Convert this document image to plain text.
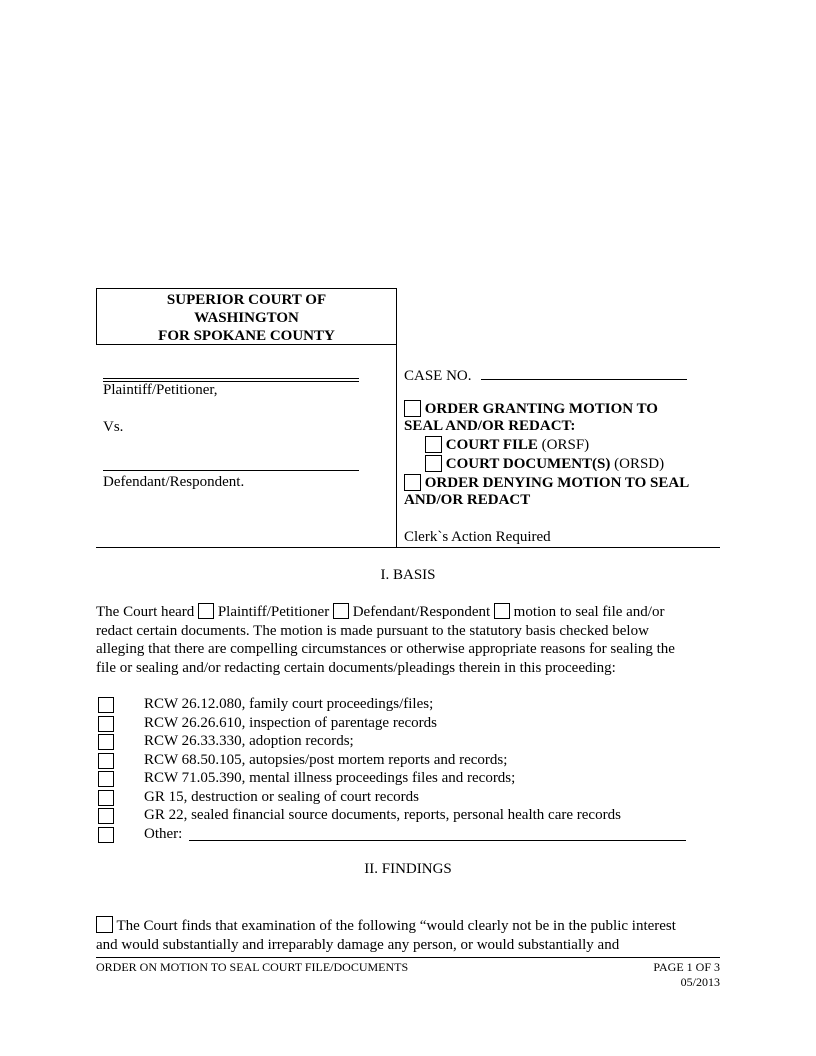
SUPERIOR COURT OF
WASHINGTON
FOR SPOKANE COUNTY
Plaintiff/Petitioner,
Vs.
Defendant/Respondent.
CASE NO.
ORDER GRANTING MOTION TO
SEAL AND/OR REDACT:
COURT FILE (ORSF)
COURT DOCUMENT(S) (ORSD)
ORDER DENYING MOTION TO SEAL
AND/OR REDACT
Clerkˋs Action Required
I. BASIS
The Court heard Plaintiff/Petitioner Defendant/Respondent motion to seal file and/or
redact certain documents. The motion is made pursuant to the statutory basis checked below
alleging that there are compelling circumstances or otherwise appropriate reasons for sealing the
file or sealing and/or redacting certain documents/pleadings therein in this proceeding:
RCW 26.12.080, family court proceedings/files;
RCW 26.26.610, inspection of parentage records
RCW 26.33.330, adoption records;
RCW 68.50.105, autopsies/post mortem reports and records;
RCW 71.05.390, mental illness proceedings files and records;
GR 15, destruction or sealing of court records
GR 22, sealed financial source documents, reports, personal health care records
Other:
II. FINDINGS
The Court finds that examination of the following “would clearly not be in the public interest
and would substantially and irreparably damage any person, or would substantially and
ORDER ON MOTION TO SEAL COURT FILE/DOCUMENTS	PAGE 1 OF 3
05/2013
